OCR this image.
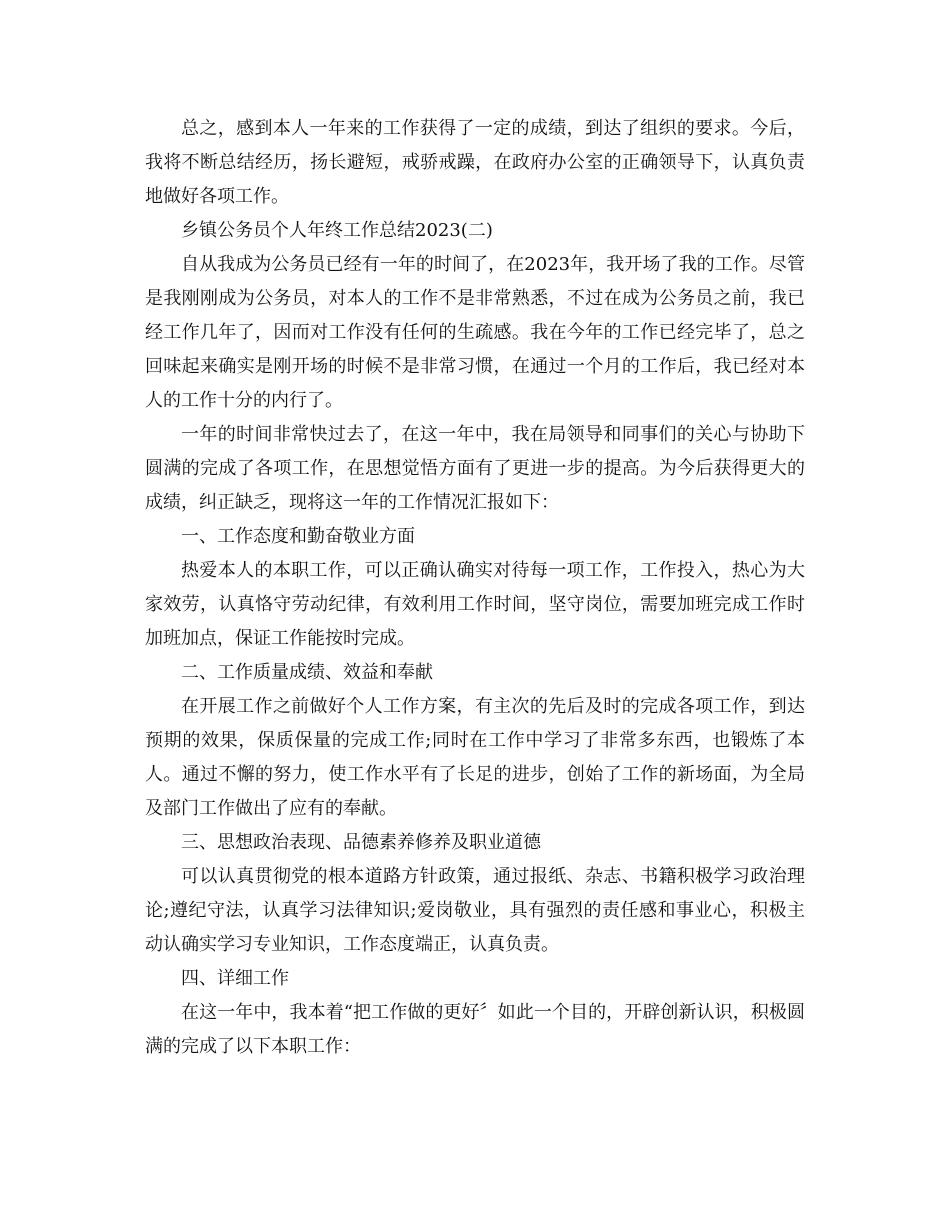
总之，感到本人一年来的工作获得了一定的成绩，到达了组织的要求。今后，我将不断总结经历，扬长避短，戒骄戒躁，在政府办公室的正确领导下，认真负责地做好各项工作。

乡镇公务员个人年终工作总结2023(二)

自从我成为公务员已经有一年的时间了，在2023年，我开场了我的工作。尽管是我刚刚成为公务员，对本人的工作不是非常熟悉，不过在成为公务员之前，我已经工作几年了，因而对工作没有任何的生疏感。我在今年的工作已经完毕了，总之回味起来确实是刚开场的时候不是非常习惯，在通过一个月的工作后，我已经对本人的工作十分的内行了。

一年的时间非常快过去了，在这一年中，我在局领导和同事们的关心与协助下圆满的完成了各项工作，在思想觉悟方面有了更进一步的提高。为今后获得更大的成绩，纠正缺乏，现将这一年的工作情况汇报如下：

一、工作态度和勤奋敬业方面

热爱本人的本职工作，可以正确认确实对待每一项工作，工作投入，热心为大家效劳，认真恪守劳动纪律，有效利用工作时间，坚守岗位，需要加班完成工作时加班加点，保证工作能按时完成。

二、工作质量成绩、效益和奉献

在开展工作之前做好个人工作方案，有主次的先后及时的完成各项工作，到达预期的效果，保质保量的完成工作;同时在工作中学习了非常多东西，也锻炼了本人。通过不懈的努力，使工作水平有了长足的进步，创始了工作的新场面，为全局及部门工作做出了应有的奉献。

三、思想政治表现、品德素养修养及职业道德

可以认真贯彻党的根本道路方针政策，通过报纸、杂志、书籍积极学习政治理论;遵纪守法，认真学习法律知识;爱岗敬业，具有强烈的责任感和事业心，积极主动认确实学习专业知识，工作态度端正，认真负责。

四、详细工作

在这一年中，我本着“把工作做的更好〞如此一个目的，开辟创新认识，积极圆满的完成了以下本职工作：
